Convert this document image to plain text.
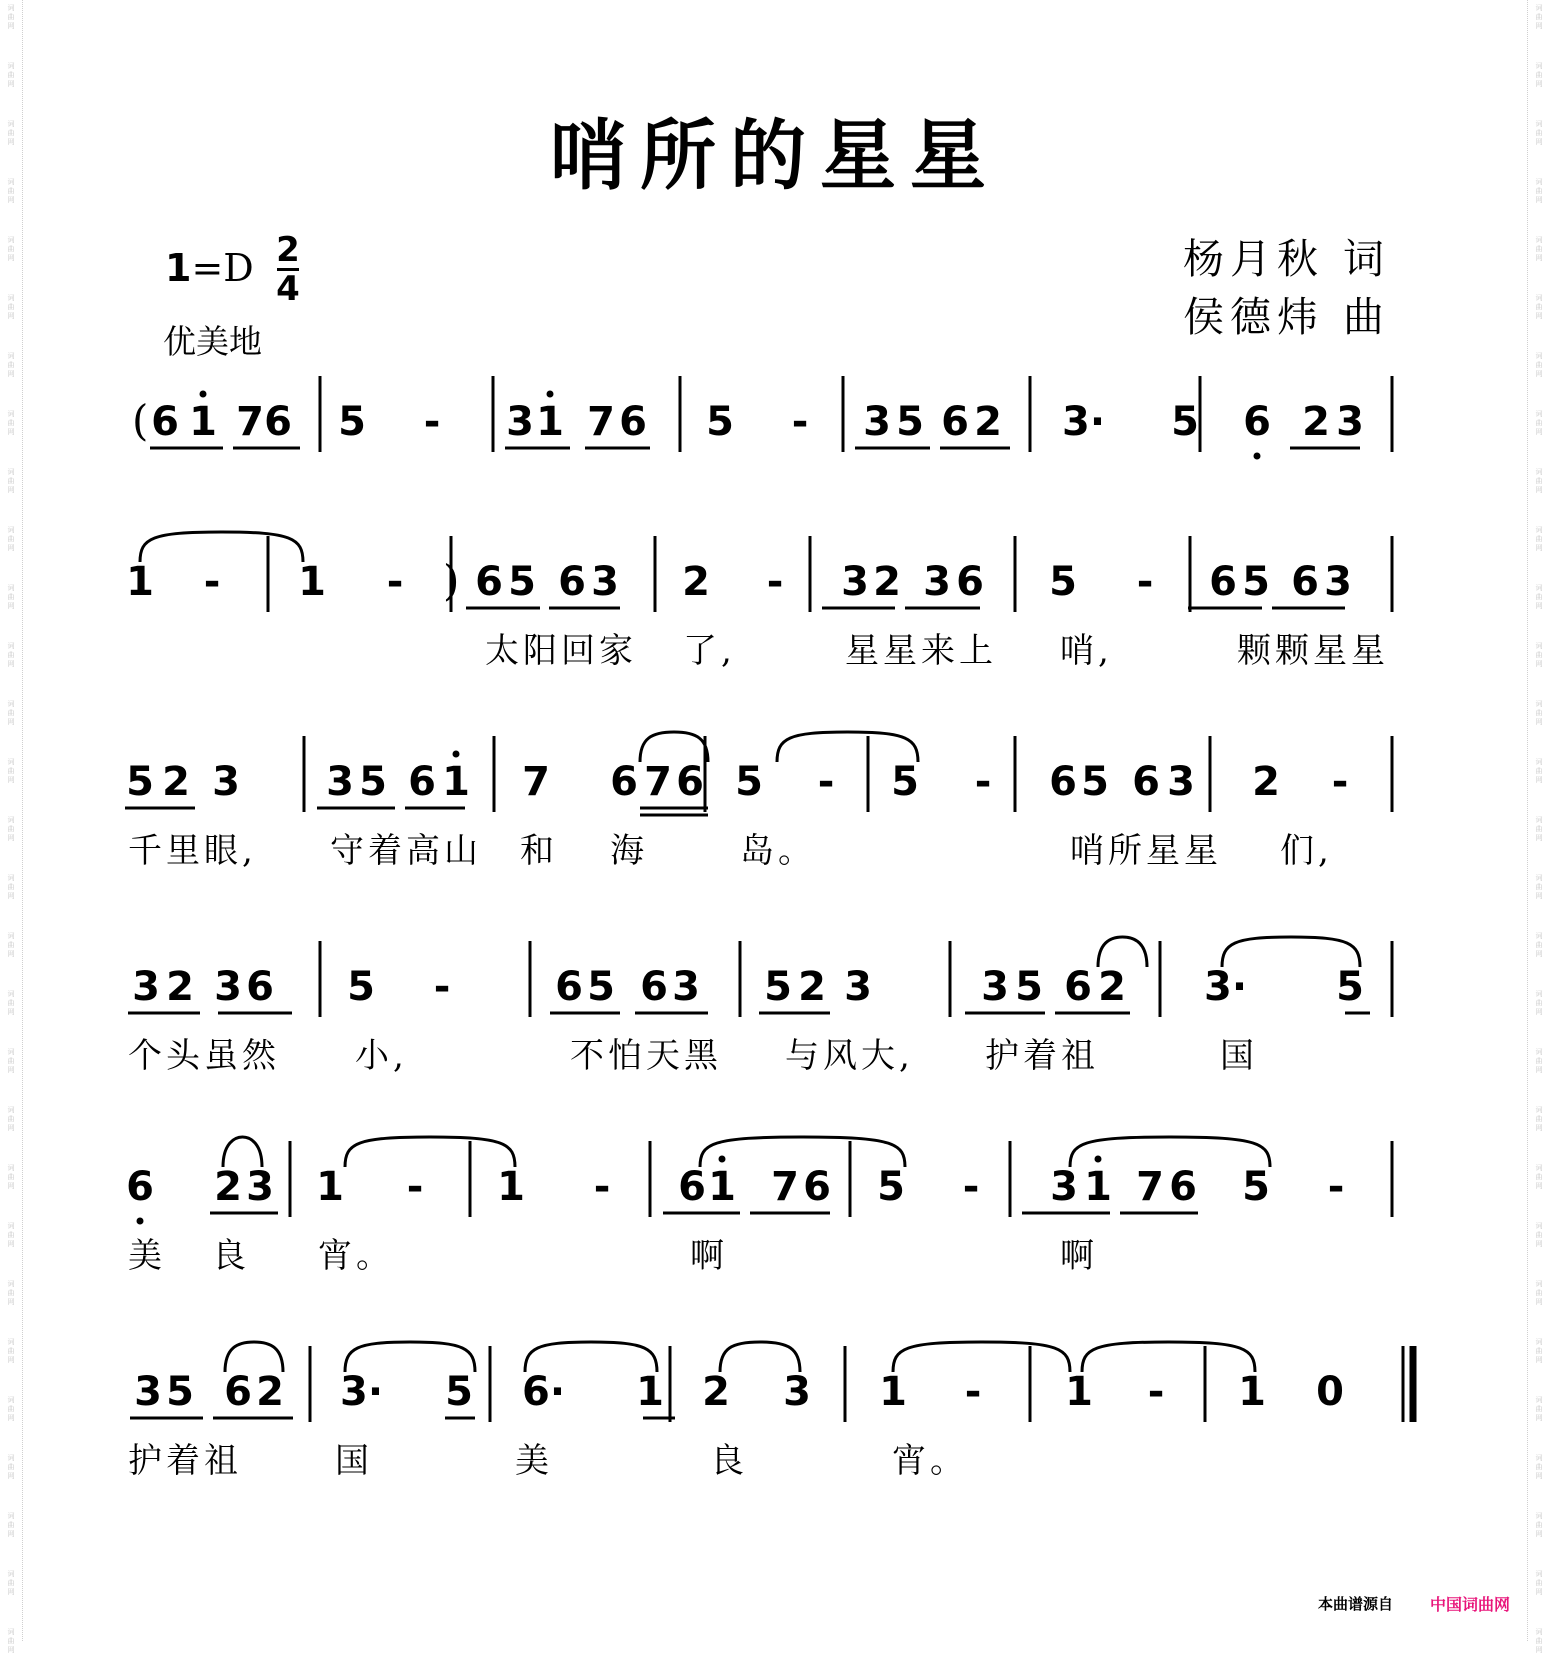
词
曲
网
词
曲
网
词
曲
网
词
曲
网
词
曲
网
词
曲
网
词
曲
网
词
曲
网
词
曲
网
词
曲
网
词
曲
网
词
曲
网
词
曲
网
词
曲
网
词
曲
网
词
曲
网
词
曲
网
词
曲
网
词
曲
网
词
曲
网
词
曲
网
词
曲
网
词
曲
网
词
曲
网
词
曲
网
词
曲
网
词
曲
网
词
曲
网
词
曲
网
词
曲
网
词
曲
网
词
曲
网
词
曲
网
词
曲
网
词
曲
网
词
曲
网
词
曲
网
词
曲
网
词
曲
网
词
曲
网
词
曲
网
词
曲
网
词
曲
网
词
曲
网
词
曲
网
词
曲
网
词
曲
网
词
曲
网
词
曲
网
词
曲
网
词
曲
网
词
曲
网
词
曲
网
词
曲
网
词
曲
网
词
曲
网
词
曲
网
词
曲
网
哨所的星星
1=D 2
4
优美地
杨月秋 词
侯德炜 曲
( 6 1 7 6 5 - 3 1 7 6 5 - 3 5 6 2 3· 5 6 2 3
1 - 1 - ) 6 5 6 3 2 - 3 2 3 6 5 - 6 5 6 3
太阳回家 了,	星星来上 哨,	颗颗星星
5 2 3 3 5 6 1 7 6 7 6 5 - 5 - 6 5 6 3 2 -
千里眼, 守着高山 和 海	岛。	哨所星星 们,
3 2 3 6 5 -	6 5 6 3 5 2 3	3 5 6 2 3· 5
个头虽然 小,	不怕天黑 与风大, 护着祖	国
6 2 3 1 - 1 - 6 1 7 6 5 - 3 1 7 6 5 -
美 良 宵。	啊	啊
3 5 6 2 3· 5 6· 1 2 3 1 - 1 - 1 0
护着祖	国	美	良	宵。
本曲谱源自 中国词曲网
